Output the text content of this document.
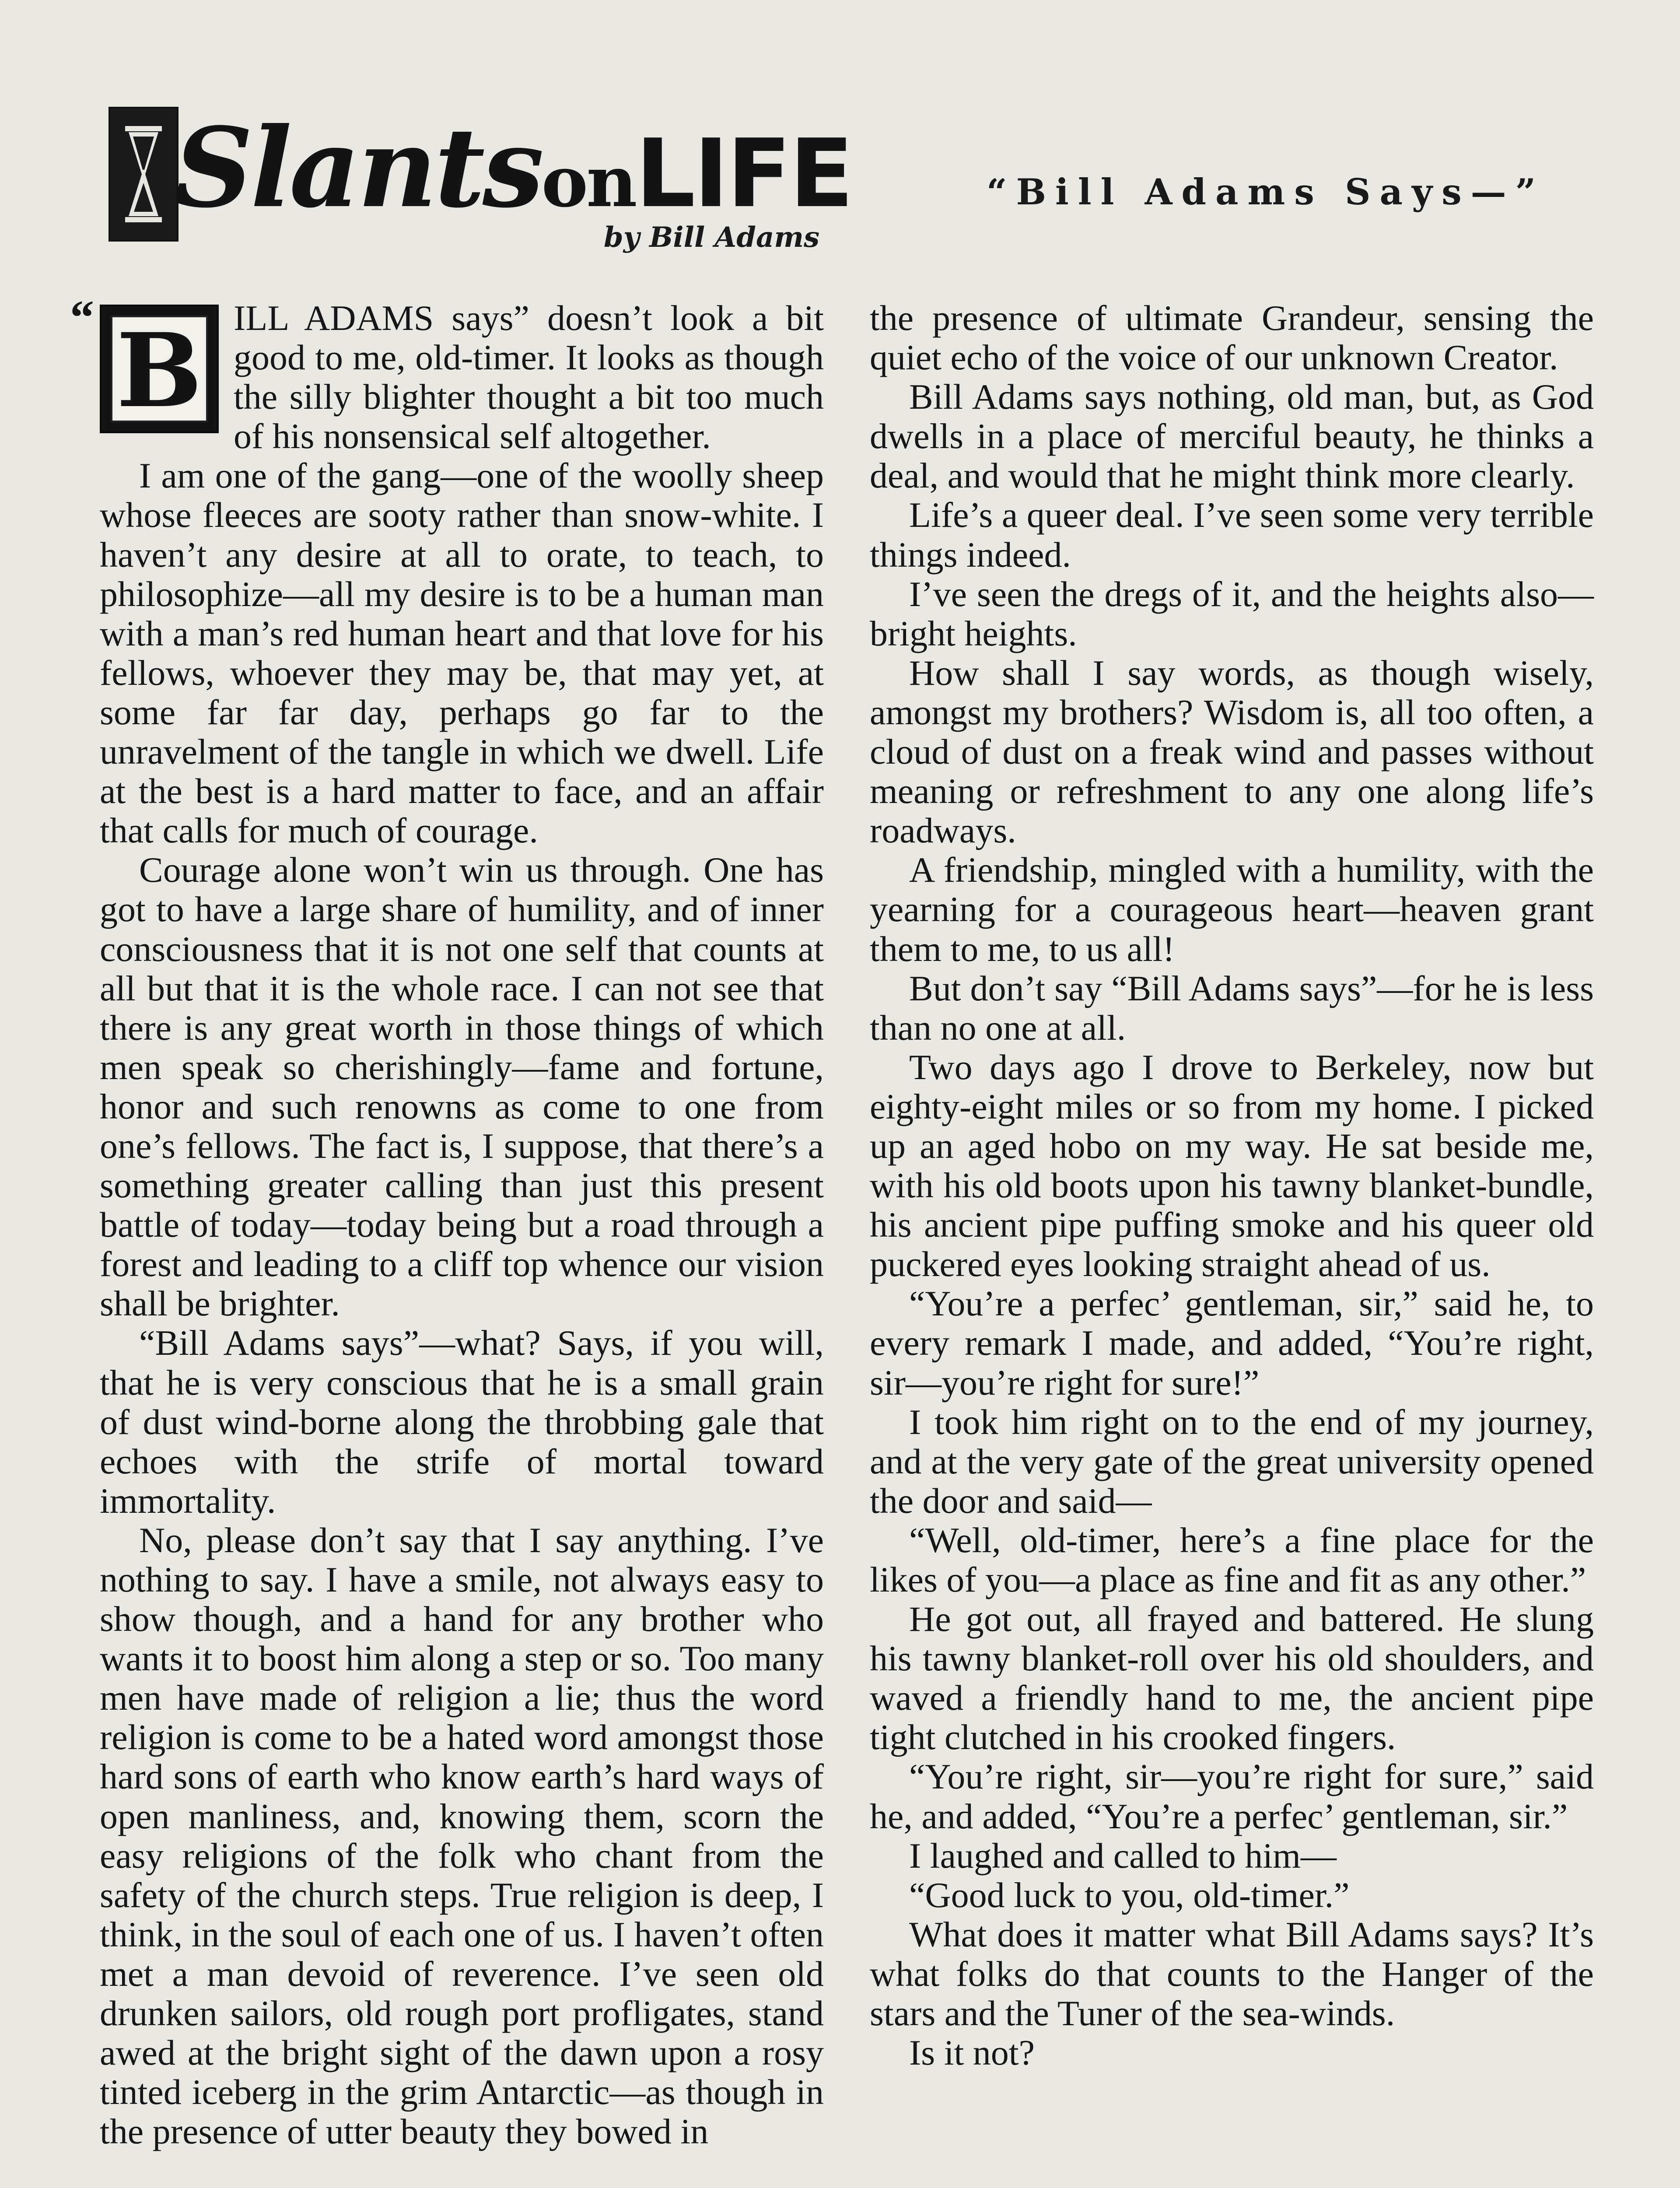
SlantsonLIFE
by Bill Adams
“Bill Adams Says—”
“ B ILL ADAMS says” doesn’t look a bit good to me, old-timer. It looks as though the silly blighter thought a bit too much of his nonsensical self altogether.

I am one of the gang—one of the woolly sheep whose fleeces are sooty rather than snow-white. I haven’t any desire at all to orate, to teach, to philosophize—all my desire is to be a human man with a man’s red human heart and that love for his fellows, whoever they may be, that may yet, at some far far day, perhaps go far to the unravelment of the tangle in which we dwell. Life at the best is a hard matter to face, and an affair that calls for much of courage.

Courage alone won’t win us through. One has got to have a large share of humility, and of inner consciousness that it is not one self that counts at all but that it is the whole race. I can not see that there is any great worth in those things of which men speak so cherishingly—fame and fortune, honor and such renowns as come to one from one’s fellows. The fact is, I suppose, that there’s a something greater calling than just this present battle of today—today being but a road through a forest and leading to a cliff top whence our vision shall be brighter.

“Bill Adams says”—what? Says, if you will, that he is very conscious that he is a small grain of dust wind-borne along the throbbing gale that echoes with the strife of mortal toward immortality.

No, please don’t say that I say anything. I’ve nothing to say. I have a smile, not always easy to show though, and a hand for any brother who wants it to boost him along a step or so. Too many men have made of religion a lie; thus the word religion is come to be a hated word amongst those hard sons of earth who know earth’s hard ways of open manliness, and, knowing them, scorn the easy religions of the folk who chant from the safety of the church steps. True religion is deep, I think, in the soul of each one of us. I haven’t often met a man devoid of reverence. I’ve seen old drunken sailors, old rough port profligates, stand awed at the bright sight of the dawn upon a rosy tinted iceberg in the grim Antarctic—as though in the presence of utter beauty they bowed in

the presence of ultimate Grandeur, sensing the quiet echo of the voice of our unknown Creator.

Bill Adams says nothing, old man, but, as God dwells in a place of merciful beauty, he thinks a deal, and would that he might think more clearly.

Life’s a queer deal. I’ve seen some very terrible things indeed.

I’ve seen the dregs of it, and the heights also—bright heights.

How shall I say words, as though wisely, amongst my brothers? Wisdom is, all too often, a cloud of dust on a freak wind and passes without meaning or refreshment to any one along life’s roadways.

A friendship, mingled with a humility, with the yearning for a courageous heart—heaven grant them to me, to us all!

But don’t say “Bill Adams says”—for he is less than no one at all.

Two days ago I drove to Berkeley, now but eighty-eight miles or so from my home. I picked up an aged hobo on my way. He sat beside me, with his old boots upon his tawny blanket-bundle, his ancient pipe puffing smoke and his queer old puckered eyes looking straight ahead of us.

“You’re a perfec’ gentleman, sir,” said he, to every remark I made, and added, “You’re right, sir—you’re right for sure!”

I took him right on to the end of my journey, and at the very gate of the great university opened the door and said—

“Well, old-timer, here’s a fine place for the likes of you—a place as fine and fit as any other.”

He got out, all frayed and battered. He slung his tawny blanket-roll over his old shoulders, and waved a friendly hand to me, the ancient pipe tight clutched in his crooked fingers.

“You’re right, sir—you’re right for sure,” said he, and added, “You’re a perfec’ gentleman, sir.”

I laughed and called to him—

“Good luck to you, old-timer.”

What does it matter what Bill Adams says? It’s what folks do that counts to the Hanger of the stars and the Tuner of the sea-winds.

Is it not?
